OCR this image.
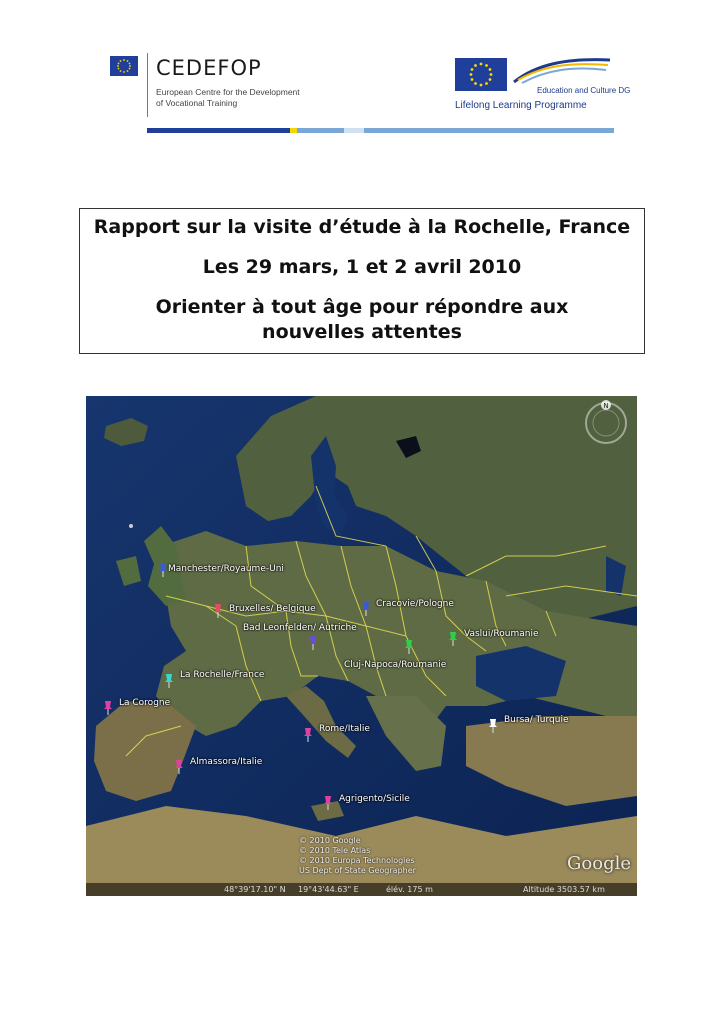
CEDEFOP
European Centre for the Development
of Vocational Training
Education and Culture DG
Lifelong Learning Programme
Rapport sur la visite d’étude à la Rochelle, France
Les 29 mars, 1 et 2 avril 2010
Orienter à tout âge pour répondre aux nouvelles attentes
N
Manchester/Royaume-Uni
Bruxelles/ Belgique	Cracovie/Pologne
Bad Leonfelden/ Autriche
Vaslui/Roumanie
Cluj-Napoca/Roumanie
La Rochelle/France
La Corogne
Rome/Italie
Bursa/ Turquie
Almassora/Italie
Agrigento/Sicile
© 2010 Google
© 2010 Tele Atlas
© 2010 Europa Technologies
US Dept of State Geographer	Google
48°39'17.10" N 19°43'44.63" E	élév. 175 m	Altitude 3503.57 km
